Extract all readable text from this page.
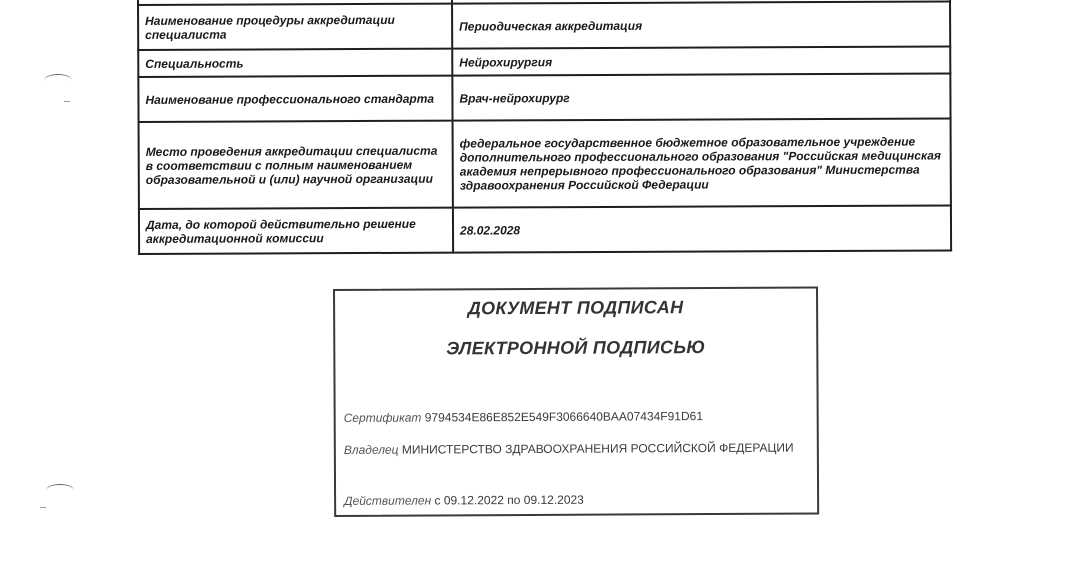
Наименование процедуры аккредитации специалиста	Периодическая аккредитация
Специальность	Нейрохирургия
Наименование профессионального стандарта	Врач-нейрохирург
Место проведения аккредитации специалиста в соответствии с полным наименованием образовательной и (или) научной организации	федеральное государственное бюджетное образовательное учреждение дополнительного профессионального образования "Российская медицинская академия непрерывного профессионального образования" Министерства здравоохранения Российской Федерации
Дата, до которой действительно решение аккредитационной комиссии	28.02.2028
ДОКУМЕНТ ПОДПИСАН
ЭЛЕКТРОННОЙ ПОДПИСЬЮ
Сертификат 9794534E86E852E549F3066640BAA07434F91D61
Владелец МИНИСТЕРСТВО ЗДРАВООХРАНЕНИЯ РОССИЙСКОЙ ФЕДЕРАЦИИ
Действителен с 09.12.2022 по 09.12.2023
